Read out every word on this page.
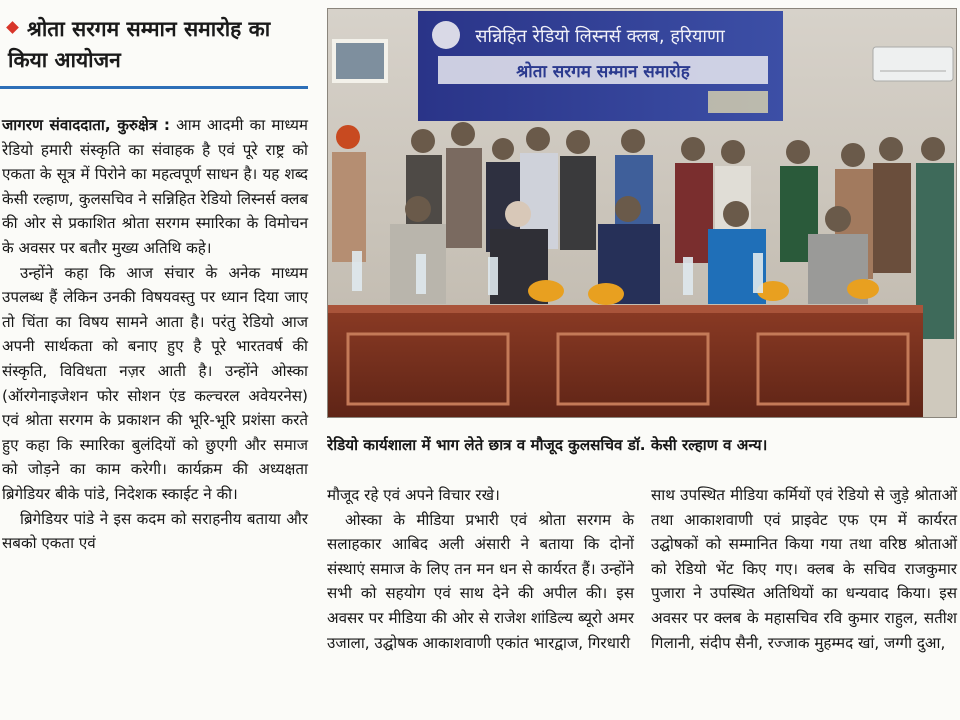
श्रोता सरगम सम्मान समारोह का किया आयोजन

जागरण संवाददाता, कुरुक्षेत्र : आम आदमी का माध्यम रेडियो हमारी संस्कृति का संवाहक है एवं पूरे राष्ट्र को एकता के सूत्र में पिरोने का महत्वपूर्ण साधन है। यह शब्द केसी रल्हाण, कुलसचिव ने सन्निहित रेडियो लिस्नर्स क्लब की ओर से प्रकाशित श्रोता सरगम स्मारिका के विमोचन के अवसर पर बतौर मुख्य अतिथि कहे।

उन्होंने कहा कि आज संचार के अनेक माध्यम उपलब्ध हैं लेकिन उनकी विषयवस्तु पर ध्यान दिया जाए तो चिंता का विषय सामने आता है। परंतु रेडियो आज अपनी सार्थकता को बनाए हुए है पूरे भारतवर्ष की संस्कृति, विविधता नज़र आती है। उन्होंने ओस्का (ऑरगेनाइजेशन फोर सोशन एंड कल्चरल अवेयरनेस) एवं श्रोता सरगम के प्रकाशन की भूरि-भूरि प्रशंसा करते हुए कहा कि स्मारिका बुलंदियों को छुएगी और समाज को जोड़ने का काम करेगी। कार्यक्रम की अध्यक्षता ब्रिगेडियर बीके पांडे, निदेशक स्काईट ने की।

ब्रिगेडियर पांडे ने इस कदम को सराहनीय बताया और सबको एकता एवं

सन्निहित रेडियो लिस्नर्स क्लब, हरियाणा
श्रोता सरगम सम्मान समारोह
रेडियो कार्यशाला में भाग लेते छात्र व मौजूद कुलसचिव डॉ. केसी रल्हाण व अन्य।

मौजूद रहे एवं अपने विचार रखे।

ओस्का के मीडिया प्रभारी एवं श्रोता सरगम के सलाहकार आबिद अली अंसारी ने बताया कि दोनों संस्थाएं समाज के लिए तन मन धन से कार्यरत हैं। उन्होंने सभी को सहयोग एवं साथ देने की अपील की। इस अवसर पर मीडिया की ओर से राजेश शांडिल्य ब्यूरो अमर उजाला, उद्घोषक आकाशवाणी एकांत भारद्वाज, गिरधारी

साथ उपस्थित मीडिया कर्मियों एवं रेडियो से जुड़े श्रोताओं तथा आकाशवाणी एवं प्राइवेट एफ एम में कार्यरत उद्घोषकों को सम्मानित किया गया तथा वरिष्ठ श्रोताओं को रेडियो भेंट किए गए। क्लब के सचिव राजकुमार पुजारा ने उपस्थित अतिथियों का धन्यवाद किया। इस अवसर पर क्लब के महासचिव रवि कुमार राहुल, सतीश गिलानी, संदीप सैनी, रज्जाक मुहम्मद खां, जग्गी दुआ,
